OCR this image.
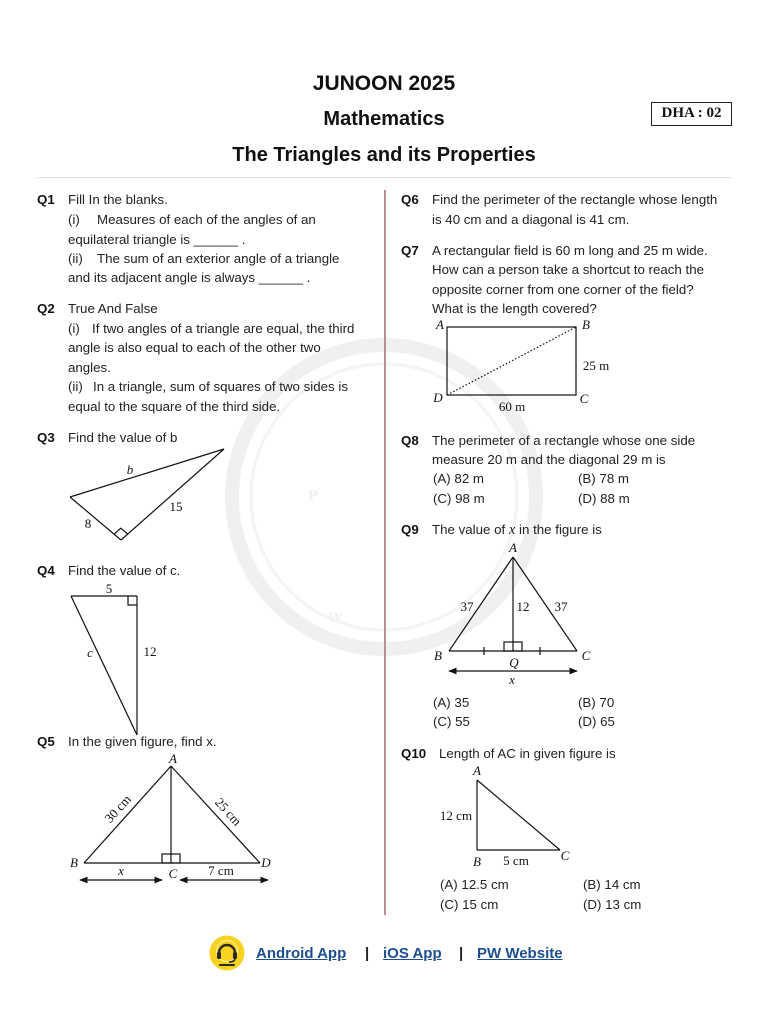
P
W
b
15
8
5
c	12
A
B
C
D
30 cm	25 cm
x	7 cm
A	B
C
D
25 m
60 m
A
B	Q	C
37	12 37
x
A
B	C
12 cm
5 cm
JUNOON 2025
Mathematics
The Triangles and its Properties
DHA : 02
Q1 Fill In the blanks.
(i) Measures of each of the angles of an
equilateral triangle is ______ .
(ii) The sum of an exterior angle of a triangle
and its adjacent angle is always ______ .
Q2 True And False
(i) If two angles of a triangle are equal, the third
angle is also equal to each of the other two
angles.
(ii) In a triangle, sum of squares of two sides is
equal to the square of the third side.
Q3 Find the value of b
Q4 Find the value of c.
Q5 In the given figure, find x.
Q6 Find the perimeter of the rectangle whose length
is 40 cm and a diagonal is 41 cm.
Q7 A rectangular field is 60 m long and 25 m wide.
How can a person take a shortcut to reach the
opposite corner from one corner of the field?
What is the length covered?
Q8 The perimeter of a rectangle whose one side
measure 20 m and the diagonal 29 m is
(A) 82 m	(B) 78 m
(C) 98 m	(D) 88 m
Q9 The value of x in the figure is
(A) 35	(B) 70
(C) 55	(D) 65
Q10 Length of AC in given figure is
(A) 12.5 cm	(B) 14 cm
(C) 15 cm	(D) 13 cm
Android App | iOS App | PW Website
